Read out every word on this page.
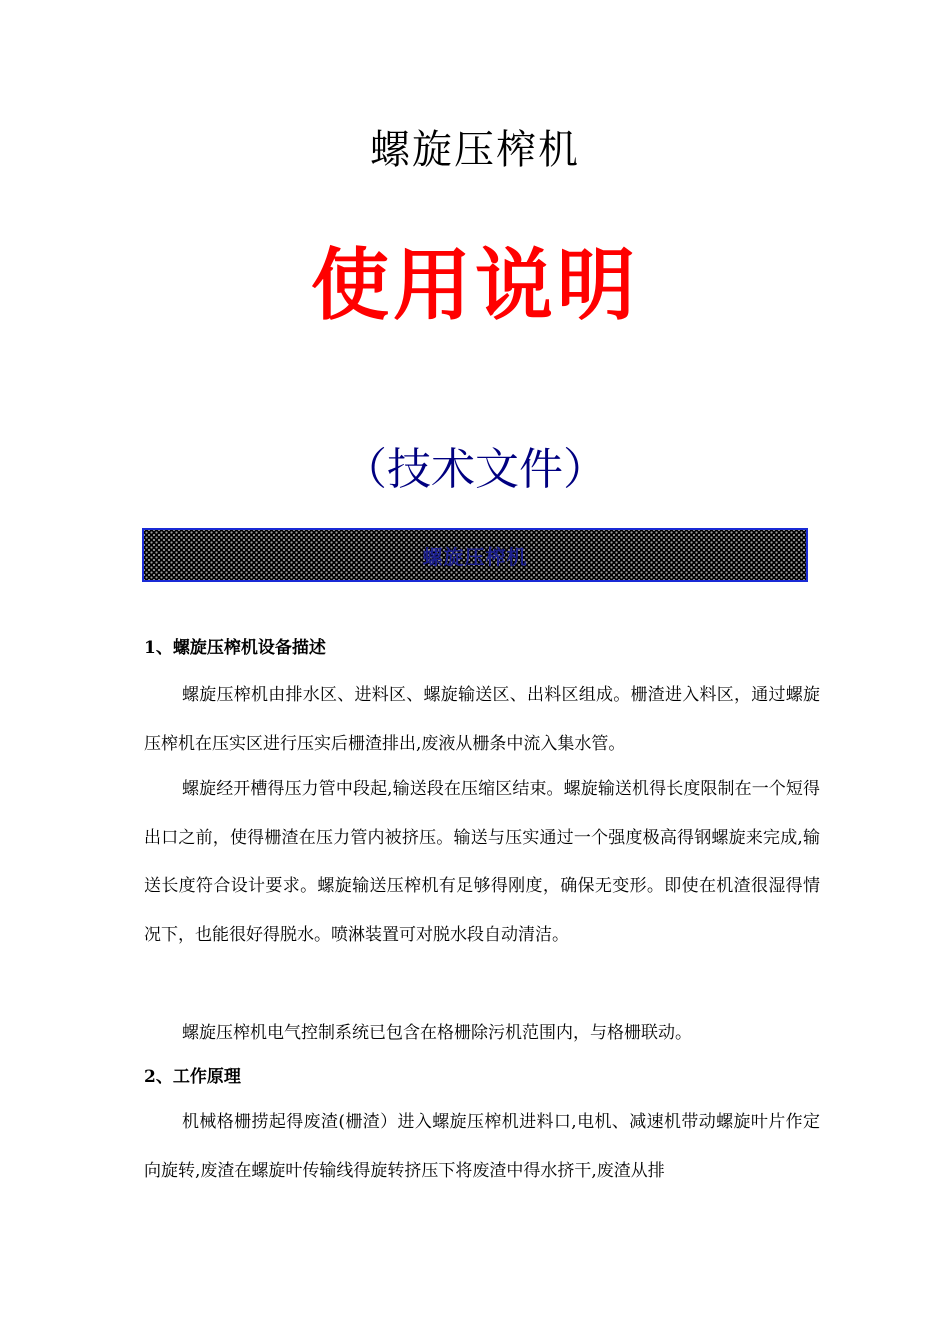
螺旋压榨机
使用说明
（技术文件）
螺旋压榨机
1、螺旋压榨机设备描述
螺旋压榨机由排水区、进料区、螺旋输送区、出料区组成。栅渣进入料区，通过螺旋压榨机在压实区进行压实后栅渣排出,废液从栅条中流入集水管。
螺旋经开槽得压力管中段起,输送段在压缩区结束。螺旋输送机得长度限制在一个短得出口之前，使得栅渣在压力管内被挤压。输送与压实通过一个强度极高得钢螺旋来完成,输送长度符合设计要求。螺旋输送压榨机有足够得刚度，确保无变形。即使在机渣很湿得情况下，也能很好得脱水。喷淋装置可对脱水段自动清洁。
螺旋压榨机电气控制系统已包含在格栅除污机范围内，与格栅联动。
2、工作原理
机械格栅捞起得废渣(栅渣）进入螺旋压榨机进料口,电机、减速机带动螺旋叶片作定向旋转,废渣在螺旋叶传输线得旋转挤压下将废渣中得水挤干,废渣从排
